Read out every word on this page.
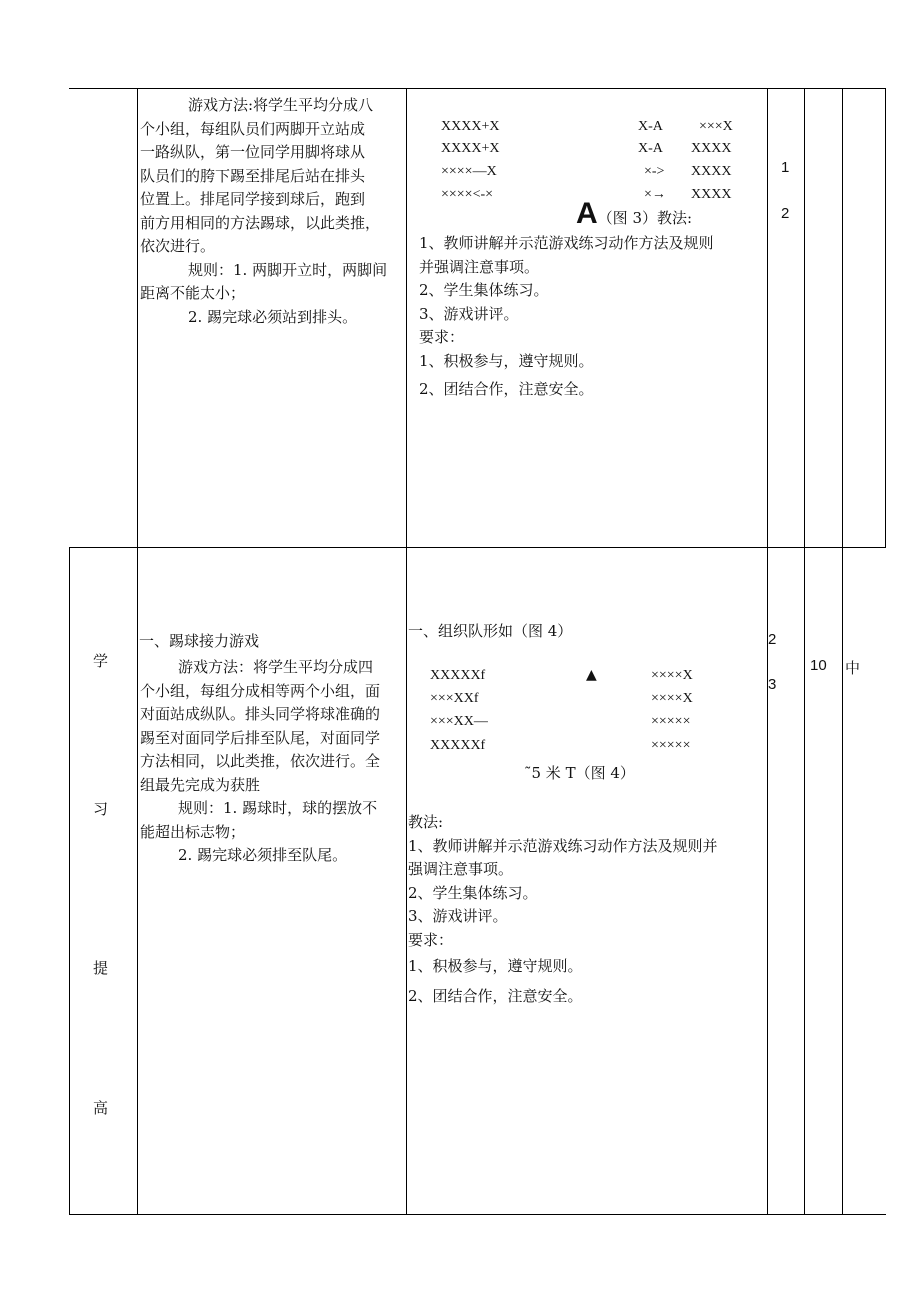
游戏方法:将学生平均分成八
个小组，每组队员们两脚开立站成
一路纵队，第一位同学用脚将球从
队员们的胯下踢至排尾后站在排头
位置上。排尾同学接到球后，跑到
前方用相同的方法踢球，以此类推，
依次进行。
规则：1. 两脚开立时，两脚间
距离不能太小；
2. 踢完球必须站到排头。
XXXX+X
XXXX+X
××××—X
××××<-×
X-A
X-A
×->
×→
×××X
XXXX
XXXX
XXXX
A（图 3）教法:
1、教师讲解并示范游戏练习动作方法及规则
并强调注意事项。
2、学生集体练习。
3、游戏讲评。
要求：
1、积极参与，遵守规则。
2、团结合作，注意安全。
1
2
学
习
提
高
一、踢球接力游戏
游戏方法：将学生平均分成四
个小组，每组分成相等两个小组，面
对面站成纵队。排头同学将球准确的
踢至对面同学后排至队尾，对面同学
方法相同，以此类推，依次进行。全
组最先完成为获胜
规则：1. 踢球时，球的摆放不
能超出标志物；
2. 踢完球必须排至队尾。
一、组织队形如（图 4）
XXXXXf
×××XXf
×××XX—
XXXXXf
▲	××××X
××××X
×××××
×××××
˜5 米 T（图 4）
教法:
1、教师讲解并示范游戏练习动作方法及规则并
强调注意事项。
2、学生集体练习。
3、游戏讲评。
要求：
1、积极参与，遵守规则。
2、团结合作，注意安全。
2
3
10 中
